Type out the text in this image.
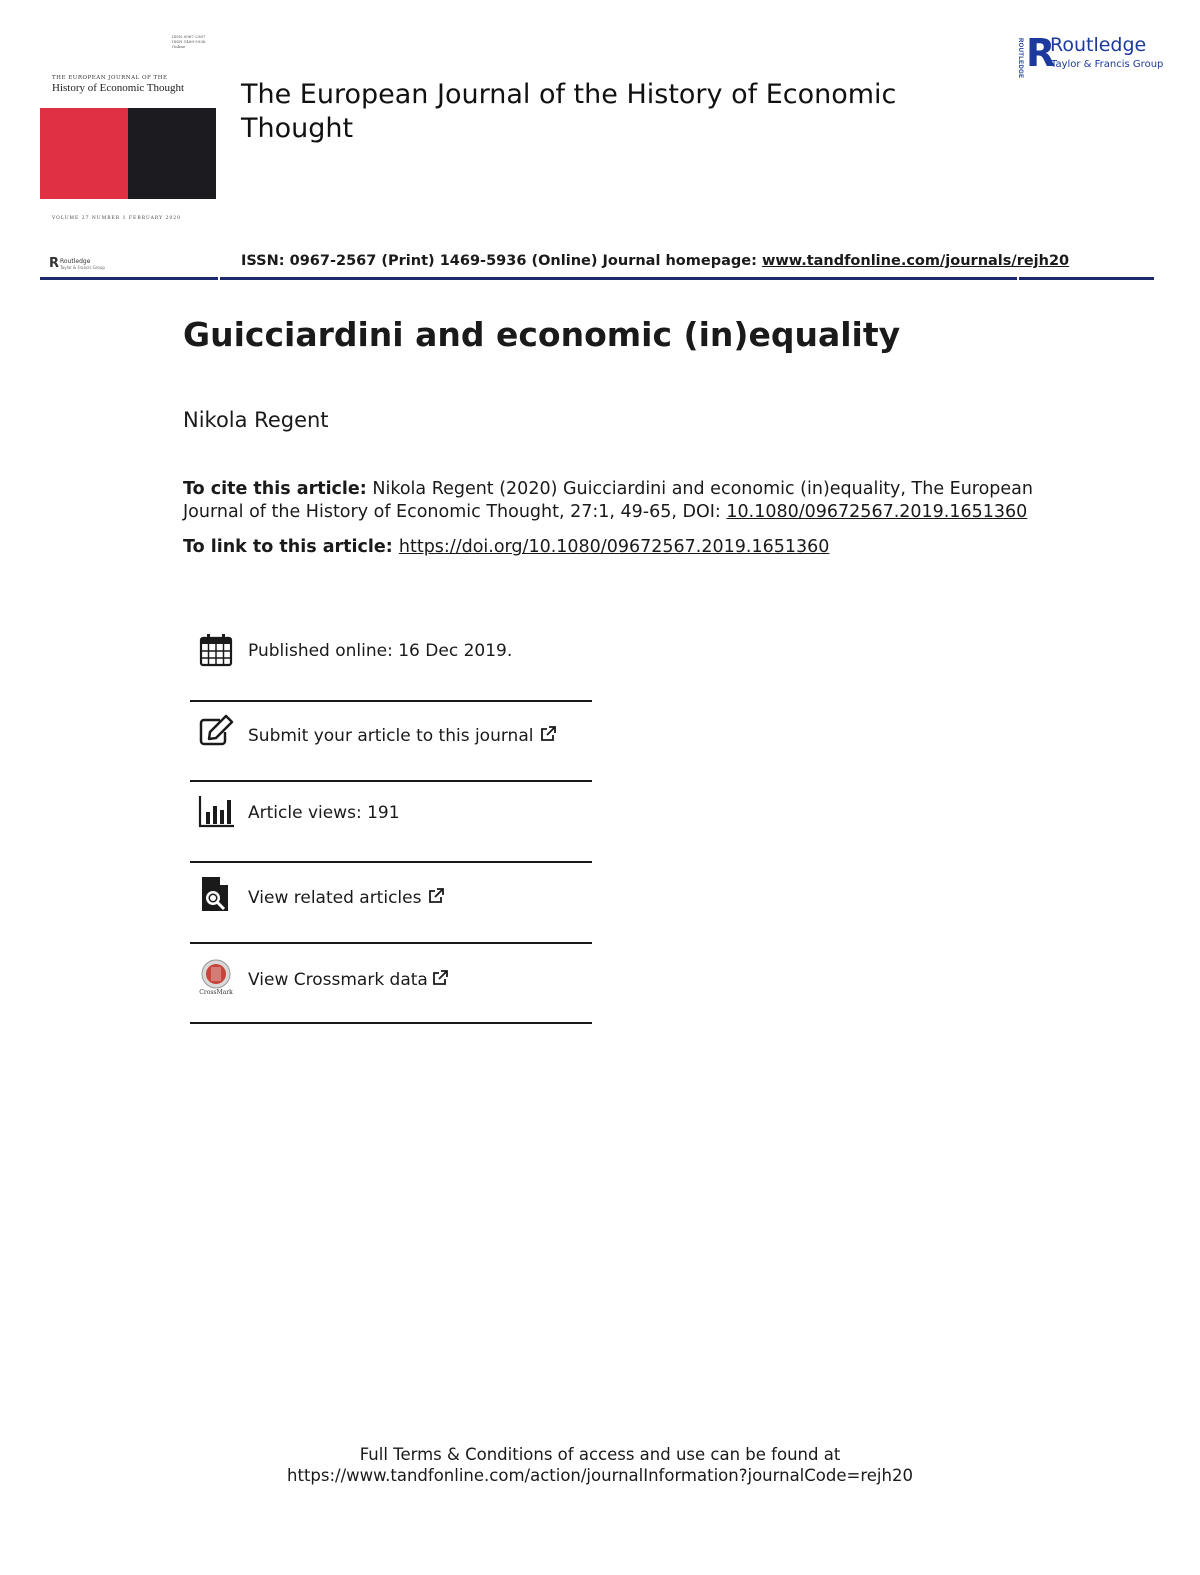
ISSN 0967-2567
ISSN 1469-5936
Online
THE EUROPEAN JOURNAL OF THE
History of Economic Thought
VOLUME 27 NUMBER 1 FEBRUARY 2020
The European Journal of the History of Economic Thought
ROUTLEDGE R
Routledge
Taylor & Francis Group
R Routledge
Taylor & Francis Group	ISSN: 0967-2567 (Print) 1469-5936 (Online) Journal homepage: www.tandfonline.com/journals/rejh20
Guicciardini and economic (in)equality
Nikola Regent
To cite this article: Nikola Regent (2020) Guicciardini and economic (in)equality, The European Journal of the History of Economic Thought, 27:1, 49-65, DOI: 10.1080/09672567.2019.1651360
To link to this article: https://doi.org/10.1080/09672567.2019.1651360
Published online: 16 Dec 2019.
Submit your article to this journal
Article views: 191
View related articles
CrossMark
View Crossmark data
Full Terms & Conditions of access and use can be found at
https://www.tandfonline.com/action/journalInformation?journalCode=rejh20
